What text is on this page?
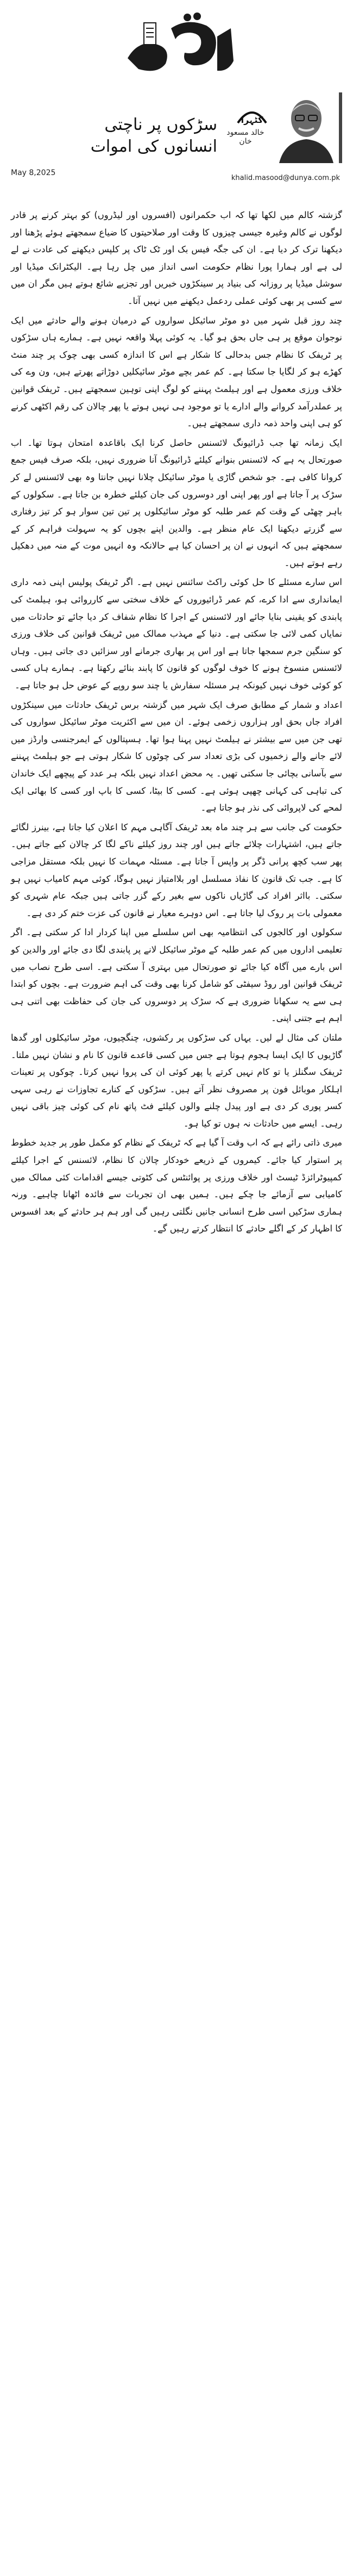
کٹہرا
خالد مسعود خان
سڑکوں پر ناچتی انسانوں کی اموات
May 8,2025
khalid.masood@dunya.com.pk

گزشتہ کالم میں لکھا تھا کہ اب حکمرانوں (افسروں اور لیڈروں) کو بہتر کرنے پر قادر لوگوں نے کالم وغیرہ جیسی چیزوں کا وقت اور صلاحیتوں کا ضیاع سمجھتے ہوئے پڑھنا اور دیکھنا ترک کر دیا ہے۔ ان کی جگہ فیس بک اور ٹک ٹاک پر کلپس دیکھنے کی عادت نے لے لی ہے اور ہمارا پورا نظام حکومت اسی انداز میں چل رہا ہے۔ الیکٹرانک میڈیا اور سوشل میڈیا پر روزانہ کی بنیاد پر سینکڑوں خبریں اور تجزیے شائع ہوتے ہیں مگر ان میں سے کسی پر بھی کوئی عملی ردعمل دیکھنے میں نہیں آتا۔

چند روز قبل شہر میں دو موٹر سائیکل سواروں کے درمیان ہونے والے حادثے میں ایک نوجوان موقع پر ہی جاں بحق ہو گیا۔ یہ کوئی پہلا واقعہ نہیں ہے۔ ہمارے ہاں سڑکوں پر ٹریفک کا نظام جس بدحالی کا شکار ہے اس کا اندازہ کسی بھی چوک پر چند منٹ کھڑے ہو کر لگایا جا سکتا ہے۔ کم عمر بچے موٹر سائیکلیں دوڑاتے پھرتے ہیں، ون وے کی خلاف ورزی معمول ہے اور ہیلمٹ پہننے کو لوگ اپنی توہین سمجھتے ہیں۔ ٹریفک قوانین پر عملدرآمد کروانے والے ادارے یا تو موجود ہی نہیں ہوتے یا پھر چالان کی رقم اکٹھی کرنے کو ہی اپنی واحد ذمہ داری سمجھتے ہیں۔

ایک زمانہ تھا جب ڈرائیونگ لائسنس حاصل کرنا ایک باقاعدہ امتحان ہوتا تھا۔ اب صورتحال یہ ہے کہ لائسنس بنوانے کیلئے ڈرائیونگ آنا ضروری نہیں، بلکہ صرف فیس جمع کروانا کافی ہے۔ جو شخص گاڑی یا موٹر سائیکل چلانا نہیں جانتا وہ بھی لائسنس لے کر سڑک پر آ جاتا ہے اور پھر اپنی اور دوسروں کی جان کیلئے خطرہ بن جاتا ہے۔ سکولوں کے باہر چھٹی کے وقت کم عمر طلبہ کو موٹر سائیکلوں پر تین تین سوار ہو کر تیز رفتاری سے گزرتے دیکھنا ایک عام منظر ہے۔ والدین اپنے بچوں کو یہ سہولت فراہم کر کے سمجھتے ہیں کہ انہوں نے ان پر احسان کیا ہے حالانکہ وہ انہیں موت کے منہ میں دھکیل رہے ہوتے ہیں۔

اس سارے مسئلے کا حل کوئی راکٹ سائنس نہیں ہے۔ اگر ٹریفک پولیس اپنی ذمہ داری ایمانداری سے ادا کرے، کم عمر ڈرائیوروں کے خلاف سختی سے کارروائی ہو، ہیلمٹ کی پابندی کو یقینی بنایا جائے اور لائسنس کے اجرا کا نظام شفاف کر دیا جائے تو حادثات میں نمایاں کمی لائی جا سکتی ہے۔ دنیا کے مہذب ممالک میں ٹریفک قوانین کی خلاف ورزی کو سنگین جرم سمجھا جاتا ہے اور اس پر بھاری جرمانے اور سزائیں دی جاتی ہیں۔ وہاں لائسنس منسوخ ہونے کا خوف لوگوں کو قانون کا پابند بنائے رکھتا ہے۔ ہمارے ہاں کسی کو کوئی خوف نہیں کیونکہ ہر مسئلہ سفارش یا چند سو روپے کے عوض حل ہو جاتا ہے۔

اعداد و شمار کے مطابق صرف ایک شہر میں گزشتہ برس ٹریفک حادثات میں سینکڑوں افراد جاں بحق اور ہزاروں زخمی ہوئے۔ ان میں سے اکثریت موٹر سائیکل سواروں کی تھی جن میں سے بیشتر نے ہیلمٹ نہیں پہنا ہوا تھا۔ ہسپتالوں کے ایمرجنسی وارڈز میں لائے جانے والے زخمیوں کی بڑی تعداد سر کی چوٹوں کا شکار ہوتی ہے جو ہیلمٹ پہننے سے بآسانی بچائی جا سکتی تھیں۔ یہ محض اعداد نہیں بلکہ ہر عدد کے پیچھے ایک خاندان کی تباہی کی کہانی چھپی ہوئی ہے۔ کسی کا بیٹا، کسی کا باپ اور کسی کا بھائی ایک لمحے کی لاپروائی کی نذر ہو جاتا ہے۔

حکومت کی جانب سے ہر چند ماہ بعد ٹریفک آگاہی مہم کا اعلان کیا جاتا ہے، بینرز لگائے جاتے ہیں، اشتہارات چلائے جاتے ہیں اور چند روز کیلئے ناکے لگا کر چالان کیے جاتے ہیں۔ پھر سب کچھ پرانی ڈگر پر واپس آ جاتا ہے۔ مسئلہ مہمات کا نہیں بلکہ مستقل مزاجی کا ہے۔ جب تک قانون کا نفاذ مسلسل اور بلاامتیاز نہیں ہوگا، کوئی مہم کامیاب نہیں ہو سکتی۔ بااثر افراد کی گاڑیاں ناکوں سے بغیر رکے گزر جاتی ہیں جبکہ عام شہری کو معمولی بات پر روک لیا جاتا ہے۔ اس دوہرے معیار نے قانون کی عزت ختم کر دی ہے۔

سکولوں اور کالجوں کی انتظامیہ بھی اس سلسلے میں اپنا کردار ادا کر سکتی ہے۔ اگر تعلیمی اداروں میں کم عمر طلبہ کے موٹر سائیکل لانے پر پابندی لگا دی جائے اور والدین کو اس بارے میں آگاہ کیا جائے تو صورتحال میں بہتری آ سکتی ہے۔ اسی طرح نصاب میں ٹریفک قوانین اور روڈ سیفٹی کو شامل کرنا بھی وقت کی اہم ضرورت ہے۔ بچوں کو ابتدا ہی سے یہ سکھانا ضروری ہے کہ سڑک پر دوسروں کی جان کی حفاظت بھی اتنی ہی اہم ہے جتنی اپنی۔

ملتان کی مثال لے لیں۔ یہاں کی سڑکوں پر رکشوں، چنگچیوں، موٹر سائیکلوں اور گدھا گاڑیوں کا ایک ایسا ہجوم ہوتا ہے جس میں کسی قاعدے قانون کا نام و نشان نہیں ملتا۔ ٹریفک سگنلز یا تو کام نہیں کرتے یا پھر کوئی ان کی پروا نہیں کرتا۔ چوکوں پر تعینات اہلکار موبائل فون پر مصروف نظر آتے ہیں۔ سڑکوں کے کنارے تجاوزات نے رہی سہی کسر پوری کر دی ہے اور پیدل چلنے والوں کیلئے فٹ پاتھ نام کی کوئی چیز باقی نہیں رہی۔ ایسے میں حادثات نہ ہوں تو کیا ہو۔

میری ذاتی رائے ہے کہ اب وقت آ گیا ہے کہ ٹریفک کے نظام کو مکمل طور پر جدید خطوط پر استوار کیا جائے۔ کیمروں کے ذریعے خودکار چالان کا نظام، لائسنس کے اجرا کیلئے کمپیوٹرائزڈ ٹیسٹ اور خلاف ورزی پر پوائنٹس کی کٹوتی جیسے اقدامات کئی ممالک میں کامیابی سے آزمائے جا چکے ہیں۔ ہمیں بھی ان تجربات سے فائدہ اٹھانا چاہیے۔ ورنہ ہماری سڑکیں اسی طرح انسانی جانیں نگلتی رہیں گی اور ہم ہر حادثے کے بعد افسوس کا اظہار کر کے اگلے حادثے کا انتظار کرتے رہیں گے۔
